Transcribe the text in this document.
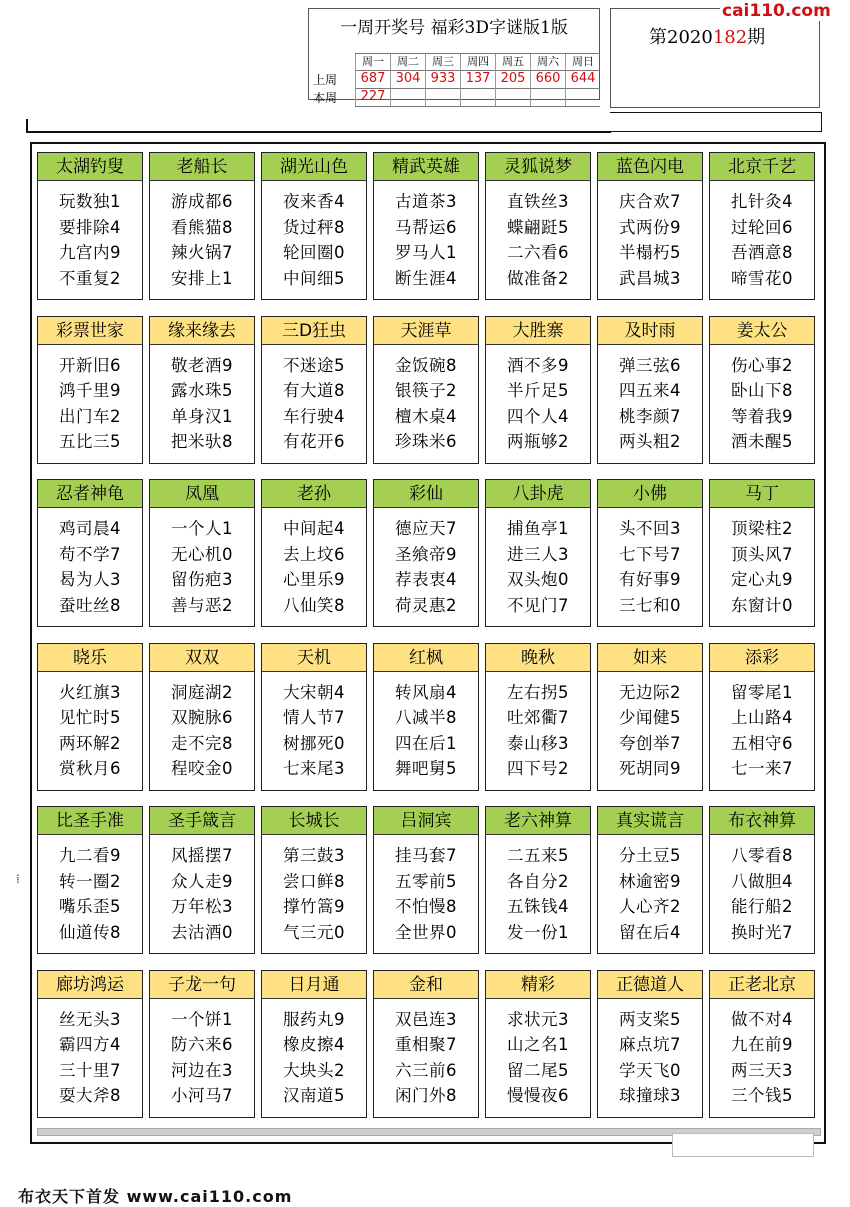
一周开奖号 福彩3D字谜版1版
周一	周二	周三	周四	周五	周六	周日
上周	687 304 933 137 205 660 644
本周	227
第2020182期
cai110.com
⁞
太湖钓叟
玩数独1
要排除4
九宫内9
不重复2
老船长
游成都6
看熊猫8
辣火锅7
安排上1
湖光山色
夜来香4
货过秤8
轮回圈0
中间细5
精武英雄
古道茶3
马帮运6
罗马人1
断生涯4
灵狐说梦
直铁丝3
蝶翩跹5
二六看6
做准备2
蓝色闪电
庆合欢7
式两份9
半榻朽5
武昌城3
北京千艺
扎针灸4
过轮回6
吾酒意8
啼雪花0
彩票世家
开新旧6
鸿千里9
出门车2
五比三5
缘来缘去
敬老酒9
露水珠5
单身汉1
把米驮8
三D狂虫
不迷途5
有大道8
车行驶4
有花开6
天涯草
金饭碗8
银筷子2
檀木桌4
珍珠米6
大胜寨
酒不多9
半斤足5
四个人4
两瓶够2
及时雨
弹三弦6
四五来4
桃李颜7
两头粗2
姜太公
伤心事2
卧山下8
等着我9
酒未醒5
忍者神龟
鸡司晨4
苟不学7
曷为人3
蚕吐丝8
凤凰
一个人1
无心机0
留伤疤3
善与恶2
老孙
中间起4
去上坟6
心里乐9
八仙笑8
彩仙
德应天7
圣飨帝9
荐表衷4
荷灵惠2
八卦虎
捕鱼亭1
进三人3
双头炮0
不见门7
小佛
头不回3
七下号7
有好事9
三七和0
马丁
顶梁柱2
顶头风7
定心丸9
东窗计0
晓乐
火红旗3
见忙时5
两环解2
赏秋月6
双双
洞庭湖2
双腕脉6
走不完8
程咬金0
天机
大宋朝4
情人节7
树挪死0
七来尾3
红枫
转风扇4
八减半8
四在后1
舞吧舅5
晚秋
左右拐5
吐郊衢7
泰山移3
四下号2
如来
无边际2
少闻健5
夸创举7
死胡同9
添彩
留零尾1
上山路4
五相守6
七一来7
比圣手准
九二看9
转一圈2
嘴乐歪5
仙道传8
圣手箴言
风摇摆7
众人走9
万年松3
去沽酒0
长城长
第三鼓3
尝口鲜8
撑竹篙9
气三元0
吕洞宾
挂马套7
五零前5
不怕慢8
全世界0
老六神算
二五来5
各自分2
五铢钱4
发一份1
真实谎言
分土豆5
林逾密9
人心齐2
留在后4
布衣神算
八零看8
八做胆4
能行船2
换时光7
廊坊鸿运
丝无头3
霸四方4
三十里7
耍大斧8
子龙一句
一个饼1
防六来6
河边在3
小河马7
日月通
服药丸9
橡皮擦4
大块头2
汉南道5
金和
双邑连3
重相聚7
六三前6
闲门外8
精彩
求状元3
山之名1
留二尾5
慢慢夜6
正德道人
两支桨5
麻点坑7
学天飞0
球撞球3
正老北京
做不对4
九在前9
两三天3
三个钱5
布衣天下首发 www.cai110.com
